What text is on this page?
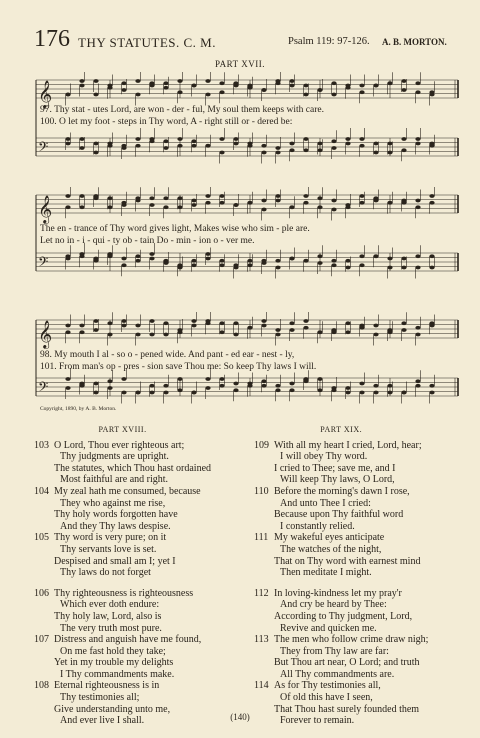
176 THY STATUTES. C. M.	Psalm 119: 97-126. A. B. MORTON.
PART XVII.
𝄞
𝄢
97. Thy stat - utes Lord, are won - der - ful, My soul them keeps with care.
100. O let my foot - steps in Thy word, A - right still or - dered be:
𝄞
𝄢
The en - trance of Thy word gives light, Makes wise who sim - ple are.
Let no in - i - qui - ty ob - tain Do - min - ion o - ver me.
𝄞
𝄢
98. My mouth I al - so o - pened wide. And pant - ed ear - nest - ly,
101. From man's op - pres - sion save Thou me: So keep Thy laws I will.
Copyright, 1890, by A. B. Morton.
PART XVIII.
103 O Lord, Thou ever righteous art;
Thy judgments are upright.
The statutes, which Thou hast ordained
Most faithful are and right.
104 My zeal hath me consumed, because
They who against me rise,
Thy holy words forgotten have
And they Thy laws despise.
105 Thy word is very pure; on it
Thy servants love is set.
Despised and small am I; yet I
Thy laws do not forget
106 Thy righteousness is righteousness
Which ever doth endure:
Thy holy law, Lord, also is
The very truth most pure.
107 Distress and anguish have me found,
On me fast hold they take;
Yet in my trouble my delights
I Thy commandments make.
108 Eternal righteousness is in
Thy testimonies all;
Give understanding unto me,
And ever live I shall.
PART XIX.
109 With all my heart I cried, Lord, hear;
I will obey Thy word.
I cried to Thee; save me, and I
Will keep Thy laws, O Lord,
110 Before the morning's dawn I rose,
And unto Thee I cried:
Because upon Thy faithful word
I constantly relied.
111 My wakeful eyes anticipate
The watches of the night,
That on Thy word with earnest mind
Then meditate I might.
112 In loving-kindness let my pray'r
And cry be heard by Thee:
According to Thy judgment, Lord,
Revive and quicken me.
113 The men who follow crime draw nigh;
They from Thy law are far:
But Thou art near, O Lord; and truth
All Thy commandments are.
114 As for Thy testimonies all,
Of old this have I seen,
That Thou hast surely founded them
Forever to remain.
(140)
